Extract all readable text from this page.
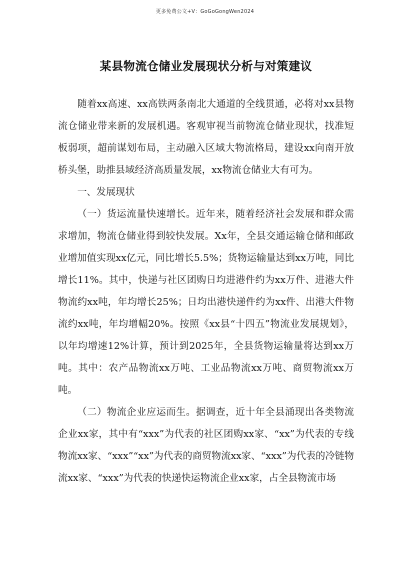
更多免费公文+V：GoGoGongWen2024
某县物流仓储业发展现状分析与对策建议

随着xx高速、xx高铁两条南北大通道的全线贯通，必将对xx县物流仓储业带来新的发展机遇。客观审视当前物流仓储业现状，找准短板弱项，超前谋划布局，主动融入区域大物流格局，建设xx向南开放桥头堡，助推县域经济高质量发展，xx物流仓储业大有可为。

一、发展现状

（一）货运流量快速增长。近年来，随着经济社会发展和群众需求增加，物流仓储业得到较快发展。Xx年，全县交通运输仓储和邮政业增加值实现xx亿元，同比增长5.5%；货物运输量达到xx万吨，同比增长11%。其中，快递与社区团购日均进港件约为xx万件、进港大件物流约xx吨，年均增长25%；日均出港快递件约为xx件、出港大件物流约xx吨，年均增幅20%。按照《xx县“十四五”物流业发展规划》，以年均增速12%计算，预计到2025年，全县货物运输量将达到xx万吨。其中：农产品物流xx万吨、工业品物流xx万吨、商贸物流xx万吨。

（二）物流企业应运而生。据调查，近十年全县涌现出各类物流企业xx家，其中有“xxx”为代表的社区团购xx家、“xx”为代表的专线物流xx家、“xxx”“xx”为代表的商贸物流xx家、“xxx”为代表的冷链物流xx家、“xxx”为代表的快递快运物流企业xx家，占全县物流市场
